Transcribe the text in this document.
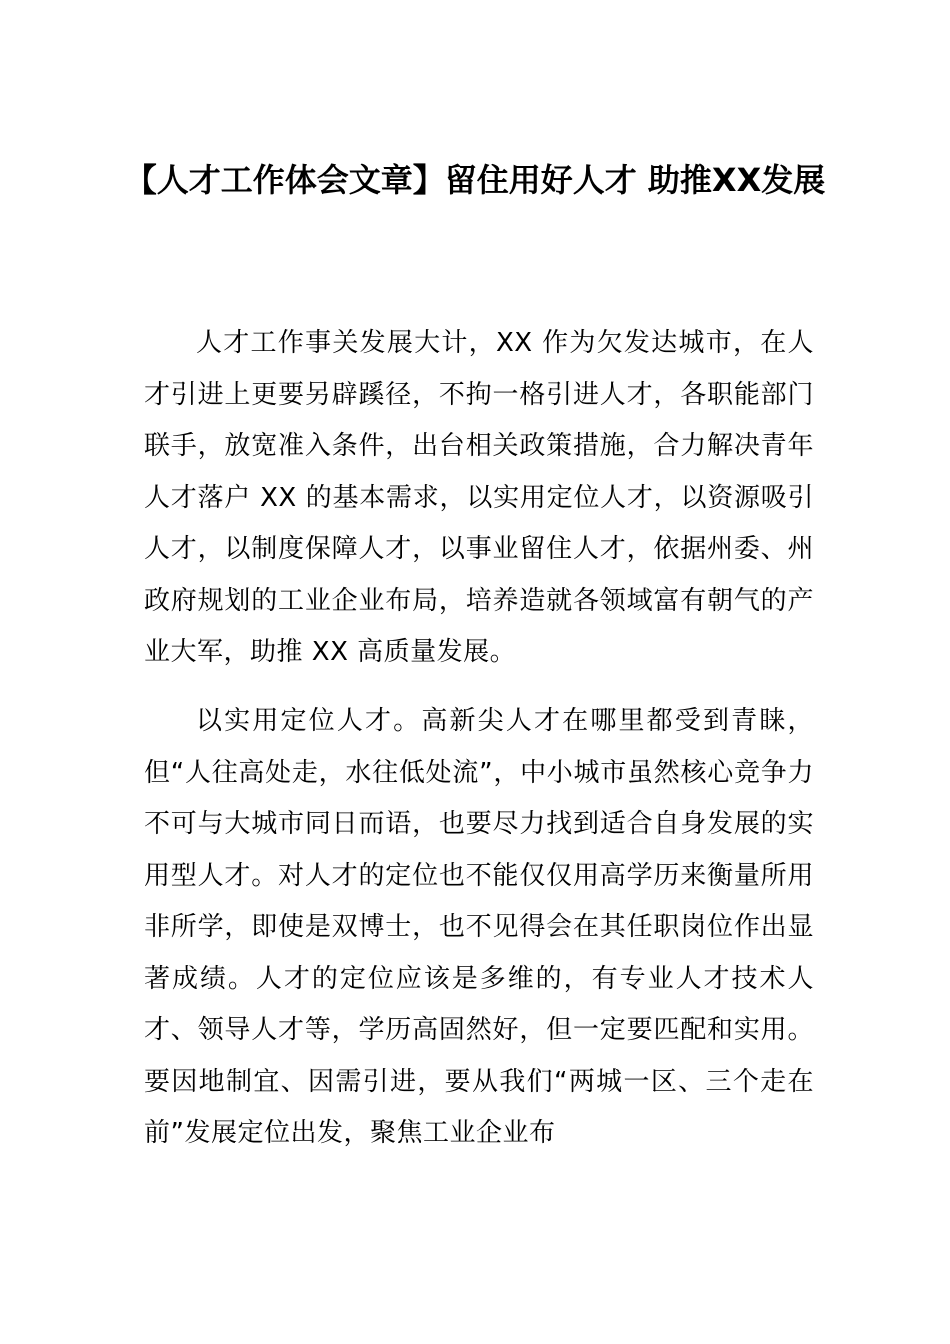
【人才工作体会文章】留住用好人才 助推XX发展

人才工作事关发展大计，XX 作为欠发达城市，在人才引进上更要另辟蹊径，不拘一格引进人才，各职能部门联手，放宽准入条件，出台相关政策措施，合力解决青年人才落户 XX 的基本需求，以实用定位人才，以资源吸引人才，以制度保障人才，以事业留住人才，依据州委、州政府规划的工业企业布局，培养造就各领域富有朝气的产业大军，助推 XX 高质量发展。

以实用定位人才。高新尖人才在哪里都受到青睐，但“人往高处走，水往低处流”，中小城市虽然核心竞争力不可与大城市同日而语，也要尽力找到适合自身发展的实用型人才。对人才的定位也不能仅仅用高学历来衡量所用非所学，即使是双博士，也不见得会在其任职岗位作出显著成绩。人才的定位应该是多维的，有专业人才技术人才、领导人才等，学历高固然好，但一定要匹配和实用。要因地制宜、因需引进，要从我们“两城一区、三个走在前”发展定位出发，聚焦工业企业布
